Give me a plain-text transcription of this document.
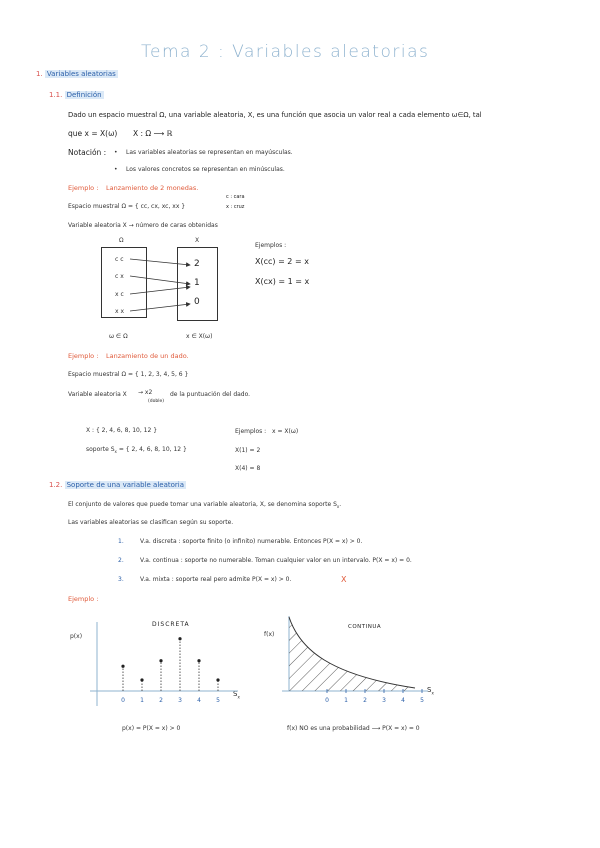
Tema 2 : Variables aleatorias
1. Variables aleatorias
1.1. Definición
Dado un espacio muestral Ω, una variable aleatoria, X, es una función que asocia un valor real a cada elemento ω∈Ω, tal
que x = X(ω) X : Ω ⟶ ℝ
Notación : • Las variables aleatorias se representan en mayúsculas.
• Los valores concretos se representan en minúsculas.
Ejemplo : Lanzamiento de 2 monedas.
Espacio muestral Ω = { cc, cx, xc, xx }
c : cara
x : cruz
Variable aleatoria X → número de caras obtenidas
Ω	X
c c
c x
x c
x x
2
1
0
ω ∈ Ω	x ∈ X(ω)
Ejemplos :
X(cc) = 2 = x
X(cx) = 1 = x
Ejemplo : Lanzamiento de un dado.
Espacio muestral Ω = { 1, 2, 3, 4, 5, 6 }
Variable aleatoria X → x2
(doble)
de la puntuación del dado.
X : { 2, 4, 6, 8, 10, 12 }
soporte $S_x$ = { 2, 4, 6, 8, 10, 12 }
Ejemplos : x = X(ω)
X(1) = 2
X(4) = 8
1.2. Soporte de una variable aleatoria
El conjunto de valores que puede tomar una variable aleatoria, X, se denomina soporte $S_x$.
Las variables aleatorias se clasifican según su soporte.
1.	V.a. discreta : soporte finito (o infinito) numerable. Entonces P(X = x) > 0.
2.	V.a. continua : soporte no numerable. Toman cualquier valor en un intervalo. P(X = x) = 0.
3.	V.a. mixta : soporte real pero admite P(X = x) > 0.	X
Ejemplo :
DISCRETA
p(x)
$S_x$
0	1	2	3	4	5
p(x) = P(X = x) > 0
CONTINUA
f(x)
$S_x$
0	1	2	3	4	5
f(x) NO es una probabilidad ⟶ P(X = x) = 0
